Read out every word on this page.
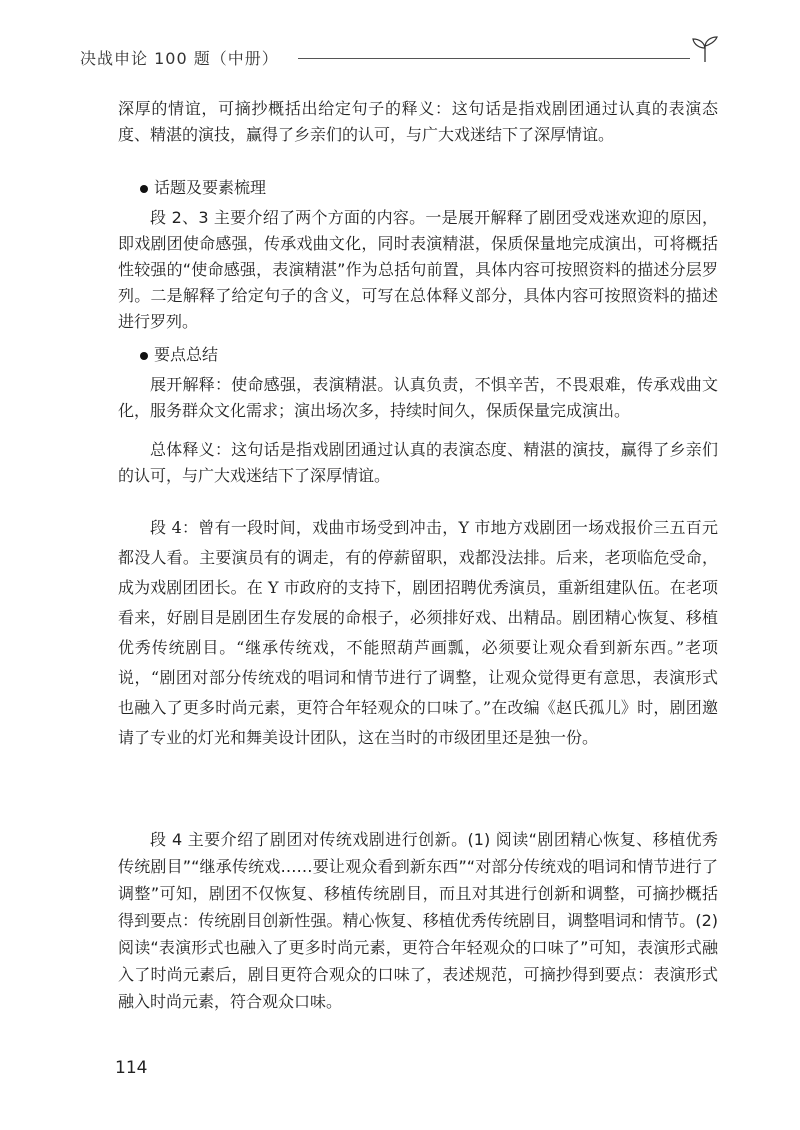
决战申论 100 题（中册）

深厚的情谊，可摘抄概括出给定句子的释义：这句话是指戏剧团通过认真的表演态度、精湛的演技，赢得了乡亲们的认可，与广大戏迷结下了深厚情谊。

话题及要素梳理

段 2、3 主要介绍了两个方面的内容。一是展开解释了剧团受戏迷欢迎的原因，即戏剧团使命感强，传承戏曲文化，同时表演精湛，保质保量地完成演出，可将概括性较强的“使命感强，表演精湛”作为总括句前置，具体内容可按照资料的描述分层罗列。二是解释了给定句子的含义，可写在总体释义部分，具体内容可按照资料的描述进行罗列。

要点总结

展开解释：使命感强，表演精湛。认真负责，不惧辛苦，不畏艰难，传承戏曲文化，服务群众文化需求；演出场次多，持续时间久，保质保量完成演出。

总体释义：这句话是指戏剧团通过认真的表演态度、精湛的演技，赢得了乡亲们的认可，与广大戏迷结下了深厚情谊。

段 4：曾有一段时间，戏曲市场受到冲击，Y 市地方戏剧团一场戏报价三五百元都没人看。主要演员有的调走，有的停薪留职，戏都没法排。后来，老项临危受命，成为戏剧团团长。在 Y 市政府的支持下，剧团招聘优秀演员，重新组建队伍。在老项看来，好剧目是剧团生存发展的命根子，必须排好戏、出精品。剧团精心恢复、移植优秀传统剧目。“继承传统戏，不能照葫芦画瓢，必须要让观众看到新东西。”老项说，“剧团对部分传统戏的唱词和情节进行了调整，让观众觉得更有意思，表演形式也融入了更多时尚元素，更符合年轻观众的口味了。”在改编《赵氏孤儿》时，剧团邀请了专业的灯光和舞美设计团队，这在当时的市级团里还是独一份。

段 4 主要介绍了剧团对传统戏剧进行创新。(1) 阅读“剧团精心恢复、移植优秀传统剧目”“继承传统戏……要让观众看到新东西”“对部分传统戏的唱词和情节进行了调整”可知，剧团不仅恢复、移植传统剧目，而且对其进行创新和调整，可摘抄概括得到要点：传统剧目创新性强。精心恢复、移植优秀传统剧目，调整唱词和情节。(2) 阅读“表演形式也融入了更多时尚元素，更符合年轻观众的口味了”可知，表演形式融入了时尚元素后，剧目更符合观众的口味了，表述规范，可摘抄得到要点：表演形式融入时尚元素，符合观众口味。

114
